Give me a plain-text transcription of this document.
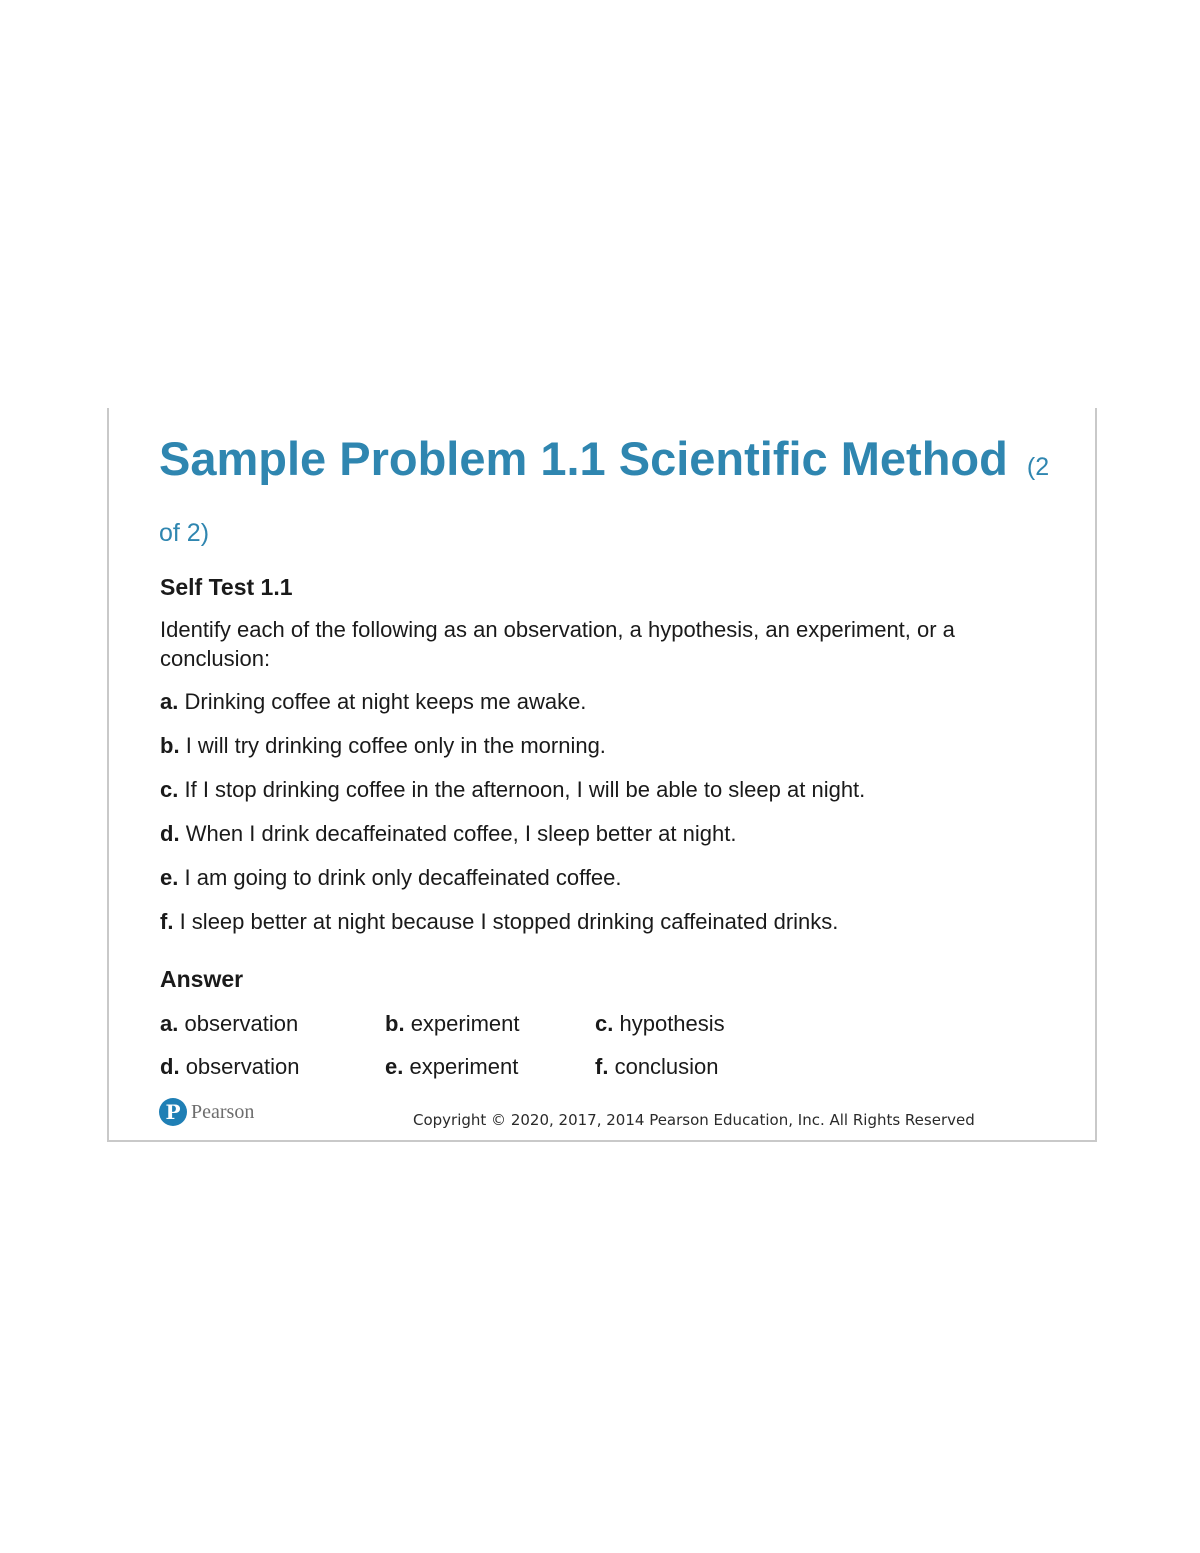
Sample Problem 1.1 Scientific Method (2 of 2)
Self Test 1.1
Identify each of the following as an observation, a hypothesis, an experiment, or a conclusion:
a. Drinking coffee at night keeps me awake.
b. I will try drinking coffee only in the morning.
c. If I stop drinking coffee in the afternoon, I will be able to sleep at night.
d. When I drink decaffeinated coffee, I sleep better at night.
e. I am going to drink only decaffeinated coffee.
f. I sleep better at night because I stopped drinking caffeinated drinks.
Answer
a. observation	b. experiment	c. hypothesis
d. observation	e. experiment	f. conclusion
P Pearson	Copyright © 2020, 2017, 2014 Pearson Education, Inc. All Rights Reserved
